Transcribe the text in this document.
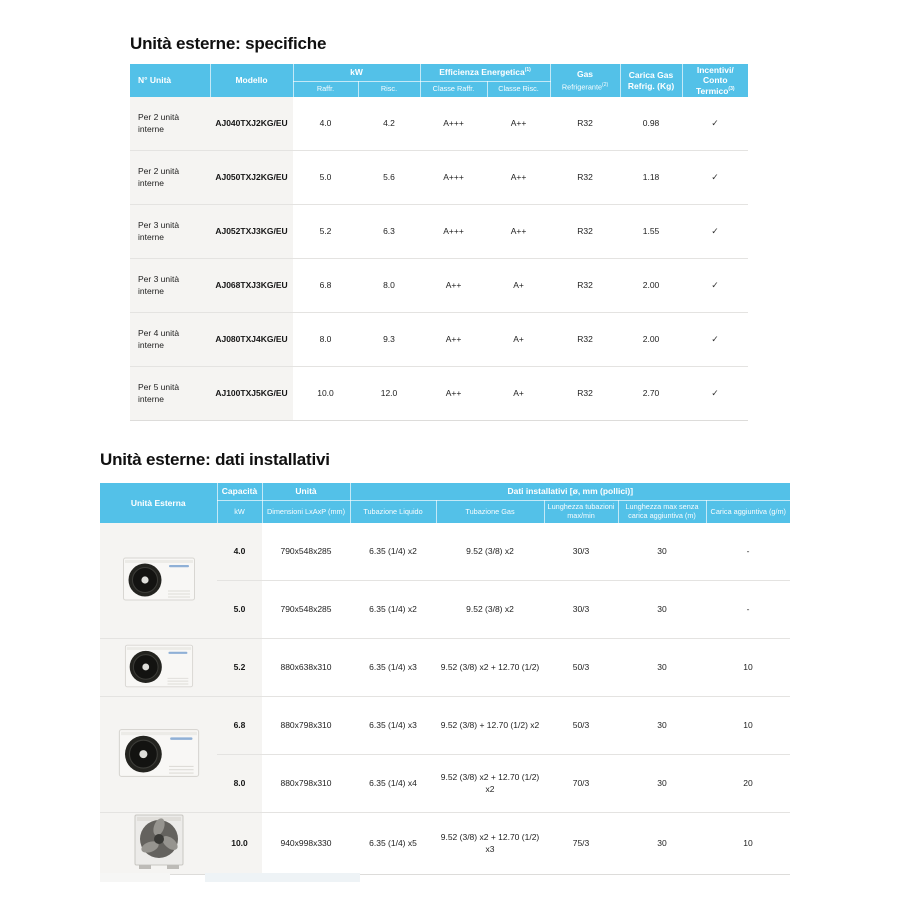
Unità esterne: specifiche
N° Unità	Modello	kW		Efficienza Energetica$^{(1)}$		Gas
Refrigerante$^{(2)}$	Carica Gas Refrig. (Kg)	Incentivi/ Conto Termico$^{(3)}$
		Raffr.	Risc.	Classe Raffr.	Classe Risc.			
Per 2 unità interne	AJ040TXJ2KG/EU	4.0	4.2	A+++	A++	R32	0.98	✓
Per 2 unità interne	AJ050TXJ2KG/EU	5.0	5.6	A+++	A++	R32	1.18	✓
Per 3 unità interne	AJ052TXJ3KG/EU	5.2	6.3	A+++	A++	R32	1.55	✓
Per 3 unità interne	AJ068TXJ3KG/EU	6.8	8.0	A++	A+	R32	2.00	✓
Per 4 unità interne	AJ080TXJ4KG/EU	8.0	9.3	A++	A+	R32	2.00	✓
Per 5 unità interne	AJ100TXJ5KG/EU	10.0	12.0	A++	A+	R32	2.70	✓
Unità esterne: dati installativi
Unità Esterna	Capacità	Unità	Dati installativi [ø, mm (pollici)]				
	kW	Dimensioni LxAxP (mm)	Tubazione Liquido	Tubazione Gas	Lunghezza tubazioni max/min	Lunghezza max senza carica aggiuntiva (m)	Carica aggiuntiva (g/m)
	4.0	790x548x285	6.35 (1/4) x2	9.52 (3/8) x2	30/3	30	-
	5.0	790x548x285	6.35 (1/4) x2	9.52 (3/8) x2	30/3	30	-
	5.2	880x638x310	6.35 (1/4) x3	9.52 (3/8) x2 + 12.70 (1/2)	50/3	30	10
	6.8	880x798x310	6.35 (1/4) x3	9.52 (3/8) + 12.70 (1/2) x2	50/3	30	10
	8.0	880x798x310	6.35 (1/4) x4	9.52 (3/8) x2 + 12.70 (1/2) x2	70/3	30	20
	10.0	940x998x330	6.35 (1/4) x5	9.52 (3/8) x2 + 12.70 (1/2) x3	75/3	30	10
